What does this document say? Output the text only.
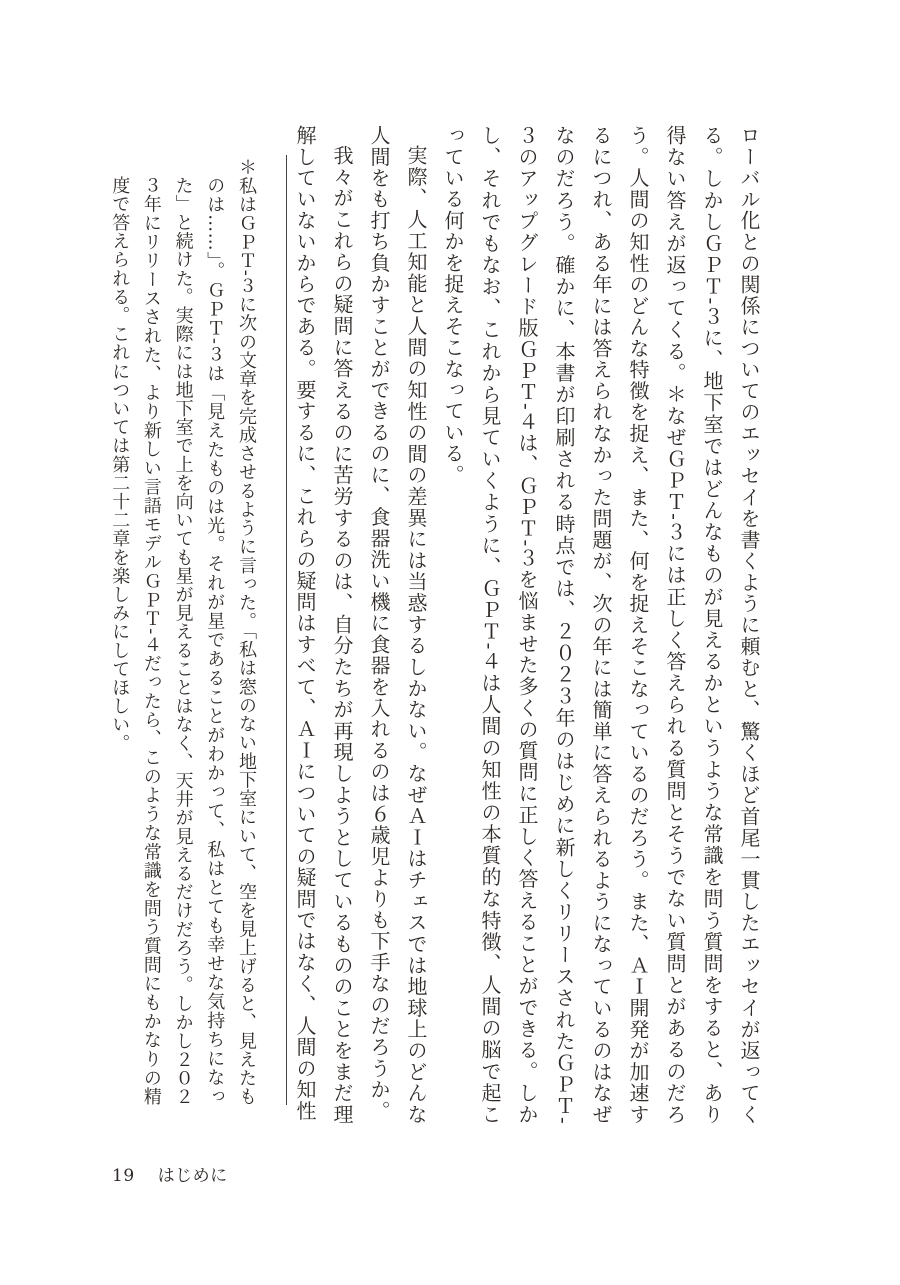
ローバル化との関係についてのエッセイを書くように頼むと、驚くほど首尾一貫したエッセイが返ってくる。しかしＧＰＴ‐３に、地下室ではどんなものが見えるかというような常識を問う質問をすると、あり得ない答えが返ってくる。＊なぜＧＰＴ‐３には正しく答えられる質問とそうでない質問とがあるのだろう。人間の知性のどんな特徴を捉え、また、何を捉えそこなっているのだろう。また、ＡＩ開発が加速するにつれ、ある年には答えられなかった問題が、次の年には簡単に答えられるようになっているのはなぜなのだろう。確かに、本書が印刷される時点では、２０２３年のはじめに新しくリリースされたＧＰＴ‐３のアップグレード版ＧＰＴ‐４は、ＧＰＴ‐３を悩ませた多くの質問に正しく答えることができる。しかし、それでもなお、これから見ていくように、ＧＰＴ‐４は人間の知性の本質的な特徴、人間の脳で起こっている何かを捉えそこなっている。

実際、人工知能と人間の知性の間の差異には当惑するしかない。なぜＡＩはチェスでは地球上のどんな人間をも打ち負かすことができるのに、食器洗い機に食器を入れるのは６歳児よりも下手なのだろうか。

我々がこれらの疑問に答えるのに苦労するのは、自分たちが再現しようとしているもののことをまだ理解していないからである。要するに、これらの疑問はすべて、ＡＩについての疑問ではなく、人間の知性

＊私はＧＰＴ‐３に次の文章を完成させるように言った。「私は窓のない地下室にいて、空を見上げると、見えたものは……」。ＧＰＴ‐３は「見えたものは光。それが星であることがわかって、私はとても幸せな気持ちになった」と続けた。実際には地下室で上を向いても星が見えることはなく、天井が見えるだけだろう。しかし２０２３年にリリースされた、より新しい言語モデルＧＰＴ‐４だったら、このような常識を問う質問にもかなりの精度で答えられる。これについては第二十二章を楽しみにしてほしい。

19 はじめに
